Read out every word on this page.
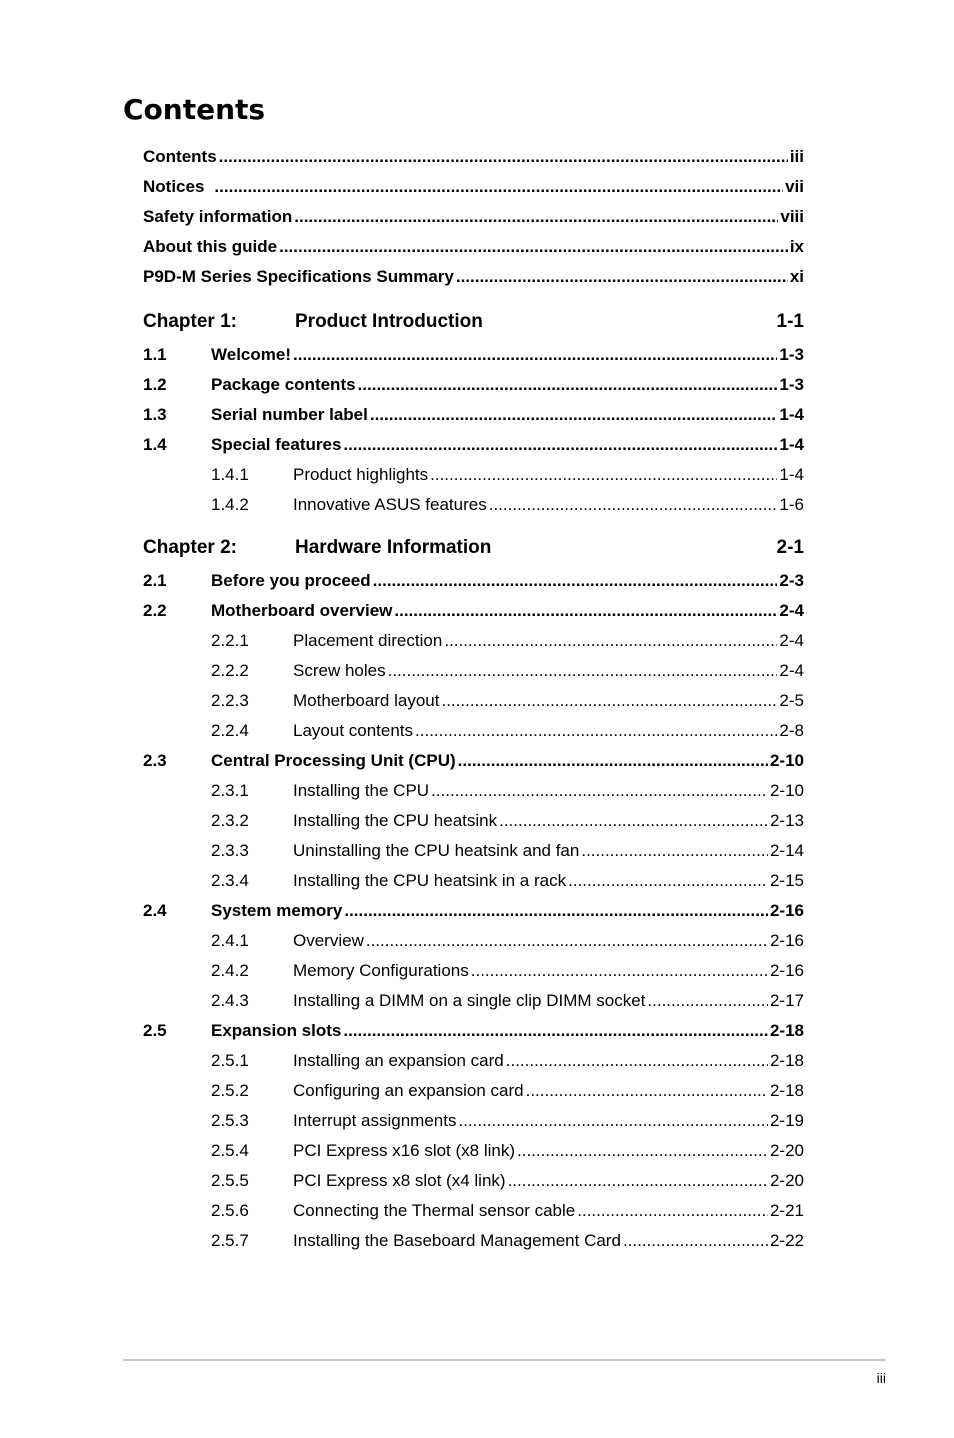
Contents
Contents .....	iii
Notices .....	vii
Safety information .....	viii
About this guide .....	ix
P9D-M Series Specifications Summary .....	xi
Chapter 1:	Product Introduction	1-1
1.1	Welcome! .....	1-3
1.2	Package contents .....	1-3
1.3	Serial number label .....	1-4
1.4	Special features .....	1-4
1.4.1	Product highlights .....	1-4
1.4.2	Innovative ASUS features .....	1-6
Chapter 2:	Hardware Information	2-1
2.1	Before you proceed .....	2-3
2.2	Motherboard overview .....	2-4
2.2.1	Placement direction .....	2-4
2.2.2	Screw holes .....	2-4
2.2.3	Motherboard layout .....	2-5
2.2.4	Layout contents .....	2-8
2.3	Central Processing Unit (CPU) .....	2-10
2.3.1	Installing the CPU .....	2-10
2.3.2	Installing the CPU heatsink .....	2-13
2.3.3	Uninstalling the CPU heatsink and fan .....	2-14
2.3.4	Installing the CPU heatsink in a rack .....	2-15
2.4	System memory .....	2-16
2.4.1	Overview .....	2-16
2.4.2	Memory Configurations .....	2-16
2.4.3	Installing a DIMM on a single clip DIMM socket .....	2-17
2.5	Expansion slots .....	2-18
2.5.1	Installing an expansion card .....	2-18
2.5.2	Configuring an expansion card .....	2-18
2.5.3	Interrupt assignments .....	2-19
2.5.4	PCI Express x16 slot (x8 link) .....	2-20
2.5.5	PCI Express x8 slot (x4 link) .....	2-20
2.5.6	Connecting the Thermal sensor cable .....	2-21
2.5.7	Installing the Baseboard Management Card .....	2-22
iii
